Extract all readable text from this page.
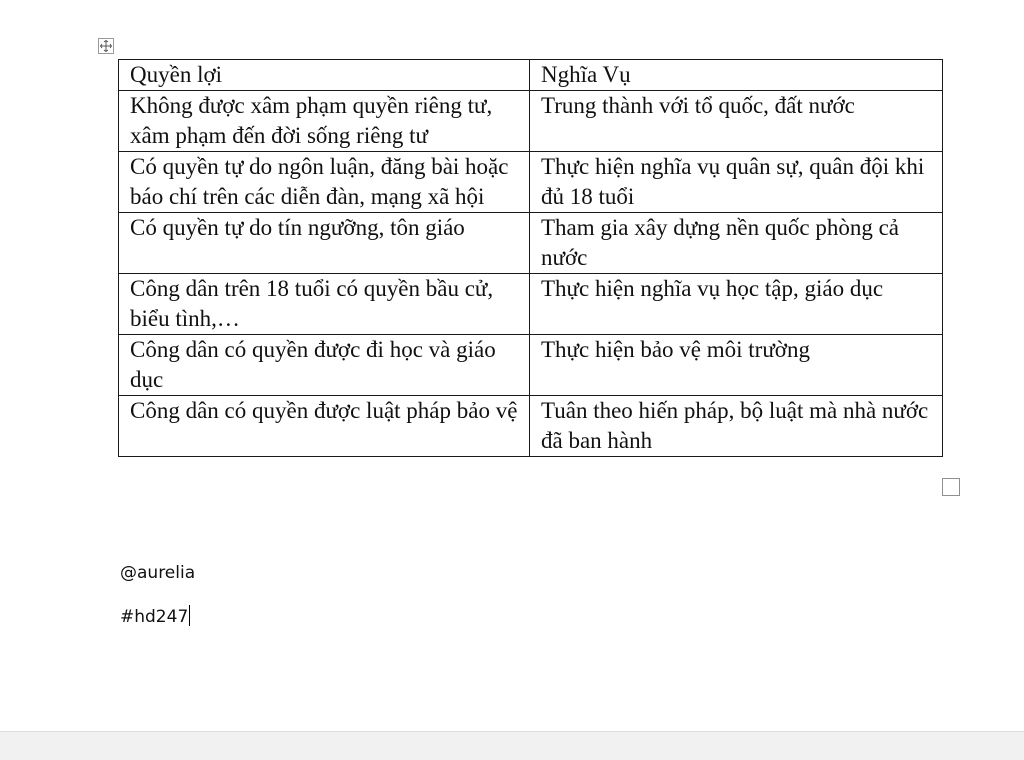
Quyền lợi	Nghĩa Vụ

Không được xâm phạm quyền riêng tư, xâm phạm đến đời sống riêng tư	Trung thành với tổ quốc, đất nước

Có quyền tự do ngôn luận, đăng bài hoặc báo chí trên các diễn đàn, mạng xã hội	Thực hiện nghĩa vụ quân sự, quân đội khi đủ 18 tuổi

Có quyền tự do tín ngưỡng, tôn giáo	Tham gia xây dựng nền quốc phòng cả nước

Công dân trên 18 tuổi có quyền bầu cử, biểu tình,…	Thực hiện nghĩa vụ học tập, giáo dục

Công dân có quyền được đi học và giáo dục	Thực hiện bảo vệ môi trường

Công dân có quyền được luật pháp bảo vệ	Tuân theo hiến pháp, bộ luật mà nhà nước đã ban hành
@aurelia
#hd247
